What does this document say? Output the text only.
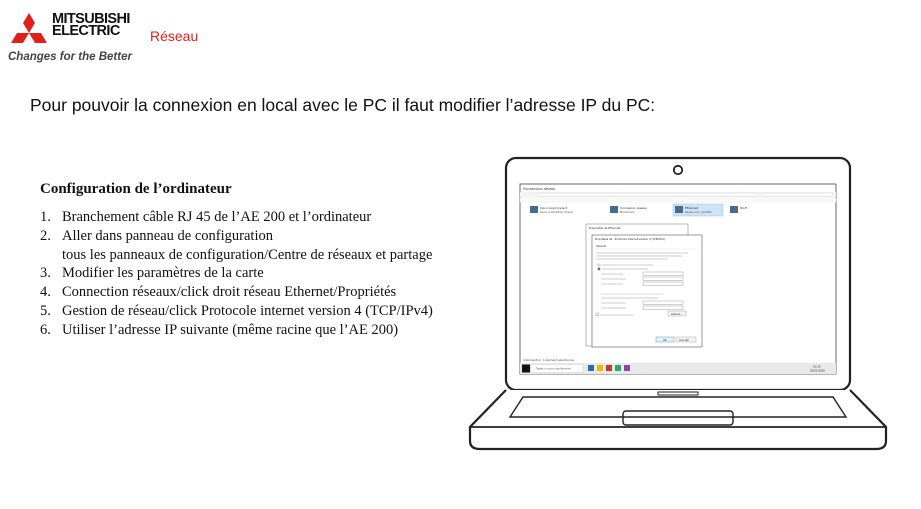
MITSUBISHI
ELECTRIC
Changes for the Better
Réseau
Pour pouvoir la connexion en local avec le PC il faut modifier l’adresse IP du PC:
Configuration de l’ordinateur
1. Branchement câble RJ 45 de l’AE 200 et l’ordinateur
2. Aller dans panneau de configuration
tous les panneaux de configuration/Centre de réseaux et partage
3. Modifier les paramètres de la carte
4. Connection réseaux/click droit réseau Ethernet/Propriétés
5. Gestion de réseau/click Protocole internet version 4 (TCP/IPv4)
6. Utiliser l’adresse IP suivante (même racine que l’AE 200)
Connexions réseau
Cisco AnyConnect
Secure Mobility Client
Connexion réseau
Bluetooth
Ethernet
Réseau non identifié
Wi-Fi
Propriétés de Ethernet
Propriétés de : Protocole Internet version 4 (TCP/IPv4)
Général
Avancé...
OK	Annuler
4 élément(s) 1 élément sélectionné
Taper ici pour rechercher	10:35
20/01/2020
